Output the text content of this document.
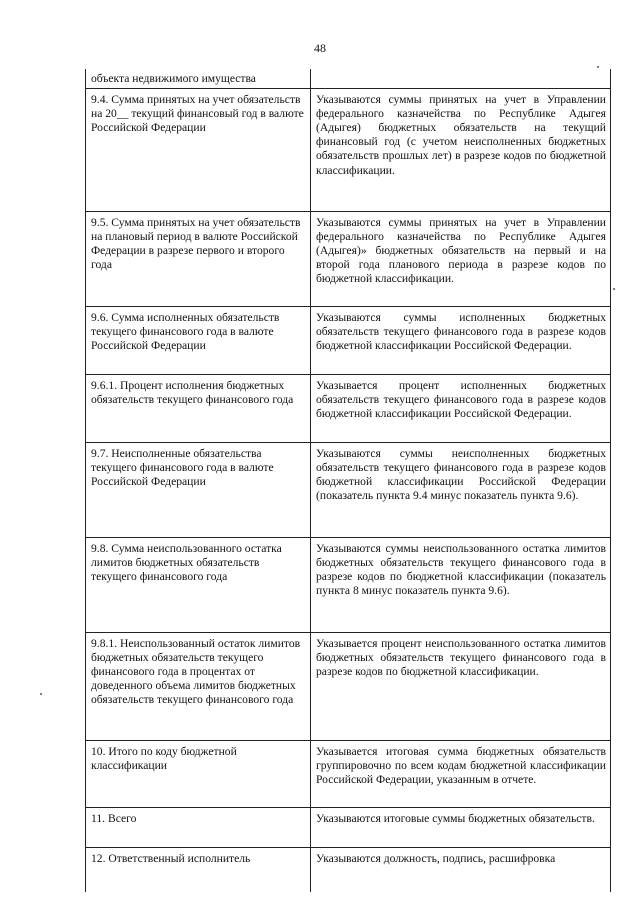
48
объекта недвижимого имущества	
9.4. Сумма принятых на учет обязательств на 20__ текущий финансовый год в валюте Российской Федерации	Указываются суммы принятых на учет в Управлении федерального казначейства по Республике Адыгея (Адыгея) бюджетных обязательств на текущий финансовый год (с учетом неисполненных бюджетных обязательств прошлых лет) в разрезе кодов по бюджетной классификации.
9.5. Сумма принятых на учет обязательств на плановый период в валюте Российской Федерации в разрезе первого и второго года	Указываются суммы принятых на учет в Управлении федерального казначейства по Республике Адыгея (Адыгея)» бюджетных обязательств на первый и на второй года планового периода в разрезе кодов по бюджетной классификации.
9.6. Сумма исполненных обязательств текущего финансового года в валюте Российской Федерации	Указываются суммы исполненных бюджетных обязательств текущего финансового года в разрезе кодов бюджетной классификации Российской Федерации.
9.6.1. Процент исполнения бюджетных обязательств текущего финансового года	Указывается процент исполненных бюджетных обязательств текущего финансового года в разрезе кодов бюджетной классификации Российской Федерации.
9.7. Неисполненные обязательства текущего финансового года в валюте Российской Федерации	Указываются суммы неисполненных бюджетных обязательств текущего финансового года в разрезе кодов бюджетной классификации Российской Федерации (показатель пункта 9.4 минус показатель пункта 9.6).
9.8. Сумма неиспользованного остатка лимитов бюджетных обязательств текущего финансового года	Указываются суммы неиспользованного остатка лимитов бюджетных обязательств текущего финансового года в разрезе кодов по бюджетной классификации (показатель пункта 8 минус показатель пункта 9.6).
9.8.1. Неиспользованный остаток лимитов бюджетных обязательств текущего финансового года в процентах от доведенного объема лимитов бюджетных обязательств текущего финансового года	Указывается процент неиспользованного остатка лимитов бюджетных обязательств текущего финансового года в разрезе кодов по бюджетной классификации.
10. Итого по коду бюджетной классификации	Указывается итоговая сумма бюджетных обязательств группировочно по всем кодам бюджетной классификации Российской Федерации, указанным в отчете.
11. Всего	Указываются итоговые суммы бюджетных обязательств.
12. Ответственный исполнитель	Указываются должность, подпись, расшифровка
